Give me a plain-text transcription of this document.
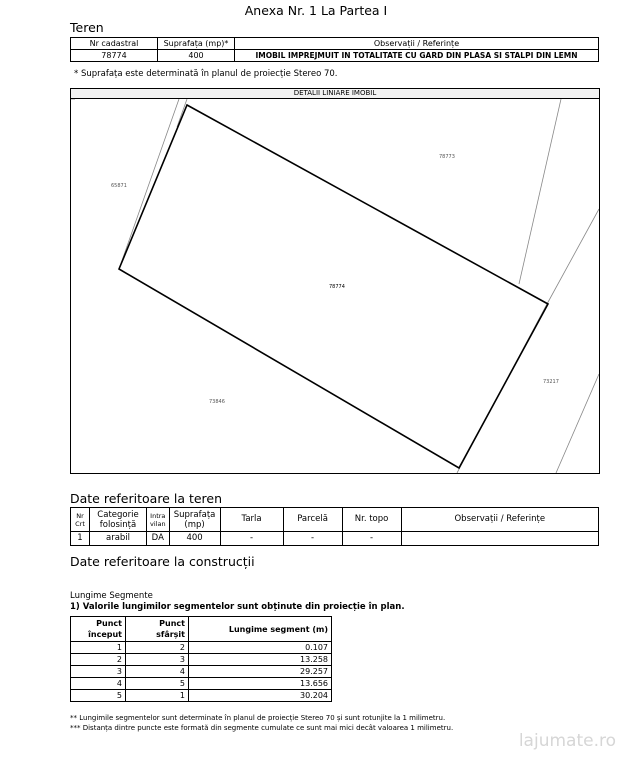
Anexa Nr. 1 La Partea I
Teren
Nr cadastral	Suprafața (mp)*	Observații / Referințe
78774	400	IMOBIL IMPREJMUIT IN TOTALITATE CU GARD DIN PLASA SI STALPI DIN LEMN
* Suprafața este determinată în planul de proiecție Stereo 70.
DETALII LINIARE IMOBIL
78774
78773
65871
73217
73846
Date referitoare la teren
Nr Crt	Categorie folosință	Intra vilan	Suprafața (mp)	Tarla	Parcelă	Nr. topo	Observații / Referințe
1	arabil	DA	400	-	-	-	
Date referitoare la construcții
Lungime Segmente
1) Valorile lungimilor segmentelor sunt obținute din proiecție în plan.
Punct început	Punct sfârșit	Lungime segment (m)
1	2	0.107
2	3	13.258
3	4	29.257
4	5	13.656
5	1	30.204
** Lungimile segmentelor sunt determinate în planul de proiecție Stereo 70 și sunt rotunjite la 1 milimetru.
*** Distanța dintre puncte este formată din segmente cumulate ce sunt mai mici decât valoarea 1 milimetru.
lajumate.ro
